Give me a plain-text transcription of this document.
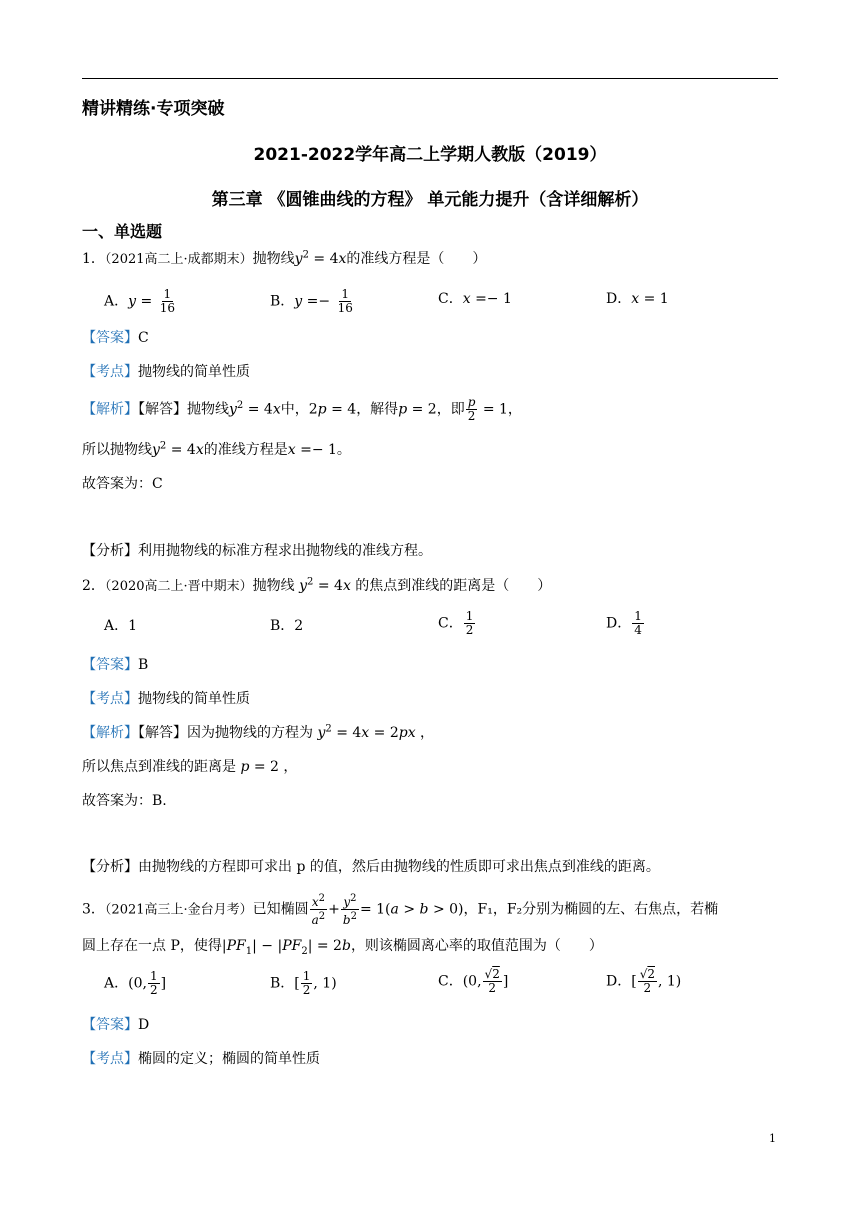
精讲精练·专项突破
2021-2022学年高二上学期人教版（2019）
第三章 《圆锥曲线的方程》 单元能力提升（含详细解析）
一、单选题
1．（2021高二上·成都期末）抛物线$y^2 = 4x$的准线方程是（　　）
A．$y = \frac{1}{16}$	B．$y =- \frac{1}{16}$	C．x =− 1	D．x = 1
【答案】C
【考点】抛物线的简单性质
【解析】【解答】抛物线$y^2 = 4x$中，2p = 4，解得p = 2，即 $\frac{p}{2} = 1$，
所以抛物线$y^2 = 4x$的准线方程是x =− 1。
故答案为：C
【分析】利用抛物线的标准方程求出抛物线的准线方程。
2．（2020高二上·晋中期末）抛物线 $y^2 = 4x$ 的焦点到准线的距离是（　　）
A．1	B．2	C． $\frac{1}{2}$	D． $\frac{1}{4}$
【答案】B
【考点】抛物线的简单性质
【解析】【解答】因为抛物线的方程为 $y^2 = 4x = 2px$ ，
所以焦点到准线的距离是 p = 2 ，
故答案为：B.
【分析】由抛物线的方程即可求出 p 的值，然后由抛物线的性质即可求出焦点到准线的距离。
3．（2021高三上·金台月考）已知椭圆 $\frac{x^2}{a^2} + \frac{y^2}{b^2} = 1(a > b > 0)$，F₁，F₂分别为椭圆的左、右焦点，若椭
圆上存在一点 P，使得$|PF_1| - |PF_2| = 2b$，则该椭圆离心率的取值范围为（　　）
A．(0, $\frac{1}{2}$ ]	B．[ $\frac{1}{2}$ , 1)	C．(0, $\frac{√2}{2}$ ]	D．[ $\frac{√2}{2}$ , 1)
【答案】D
【考点】椭圆的定义；椭圆的简单性质
1
